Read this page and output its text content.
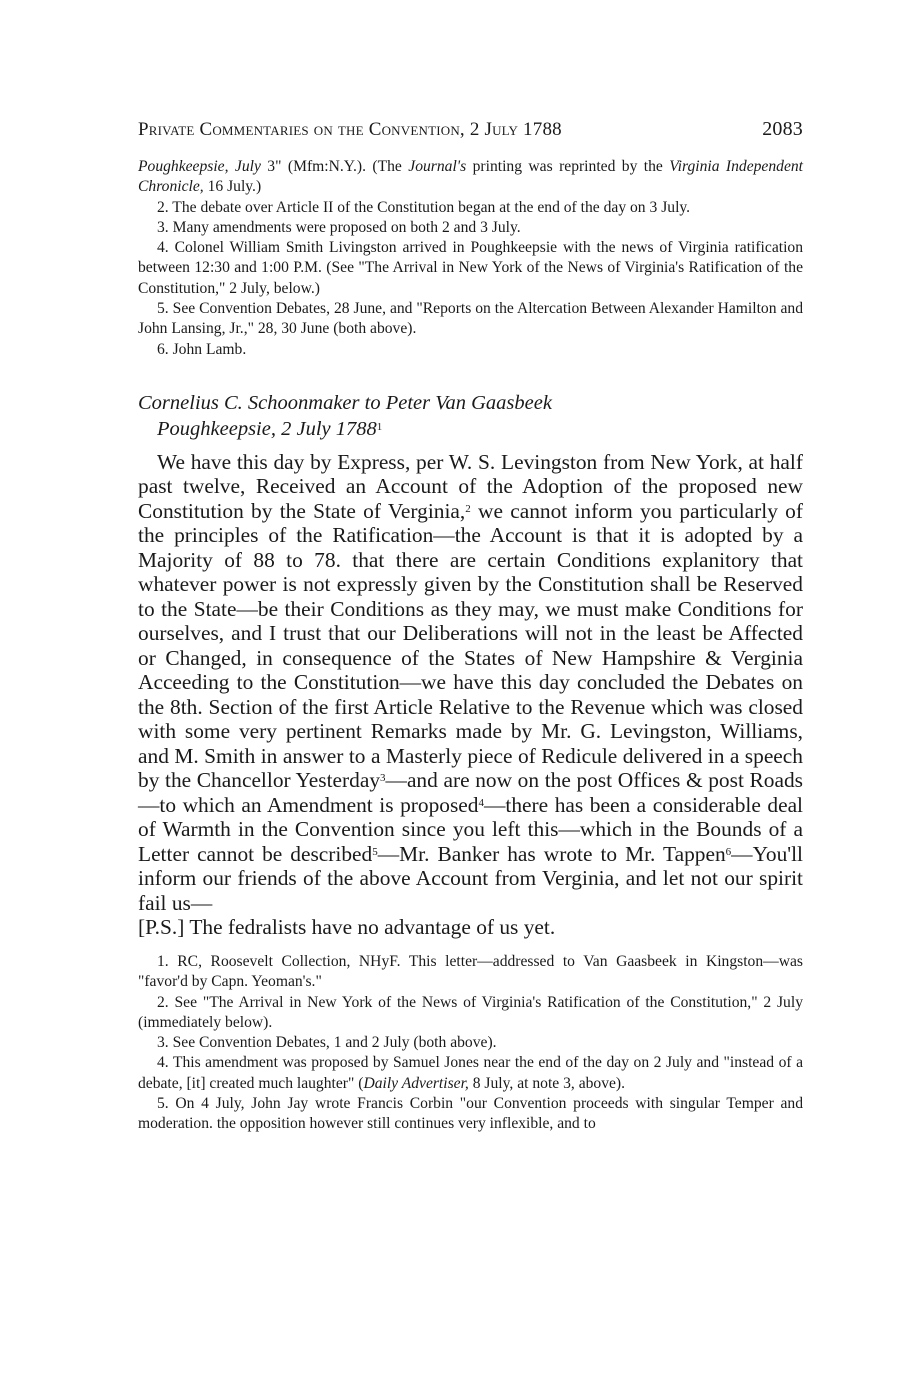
Private Commentaries on the Convention, 2 July 1788	2083

Poughkeepsie, July 3" (Mfm:N.Y.). (The Journal's printing was reprinted by the Virginia Independent Chronicle, 16 July.)

2. The debate over Article II of the Constitution began at the end of the day on 3 July.

3. Many amendments were proposed on both 2 and 3 July.

4. Colonel William Smith Livingston arrived in Poughkeepsie with the news of Virginia ratification between 12:30 and 1:00 P.M. (See "The Arrival in New York of the News of Virginia's Ratification of the Constitution," 2 July, below.)

5. See Convention Debates, 28 June, and "Reports on the Altercation Between Alexander Hamilton and John Lansing, Jr.," 28, 30 June (both above).

6. John Lamb.

Cornelius C. Schoonmaker to Peter Van Gaasbeek
Poughkeepsie, 2 July 1788$^1$

We have this day by Express, per W. S. Levingston from New York, at half past twelve, Received an Account of the Adoption of the proposed new Constitution by the State of Verginia,$^2$ we cannot inform you particularly of the principles of the Ratification—the Account is that it is adopted by a Majority of 88 to 78. that there are certain Conditions explanitory that whatever power is not expressly given by the Constitution shall be Reserved to the State—be their Conditions as they may, we must make Conditions for ourselves, and I trust that our Deliberations will not in the least be Affected or Changed, in consequence of the States of New Hampshire & Verginia Acceeding to the Constitution—we have this day concluded the Debates on the 8th. Section of the first Article Relative to the Revenue which was closed with some very pertinent Remarks made by Mr. G. Levingston, Williams, and M. Smith in answer to a Masterly piece of Redicule delivered in a speech by the Chancellor Yesterday$^3$—and are now on the post Offices & post Roads—to which an Amendment is proposed$^4$—there has been a considerable deal of Warmth in the Convention since you left this—which in the Bounds of a Letter cannot be described$^5$—Mr. Banker has wrote to Mr. Tappen$^6$—You'll inform our friends of the above Account from Verginia, and let not our spirit fail us—

[P.S.] The fedralists have no advantage of us yet.

1. RC, Roosevelt Collection, NHyF. This letter—addressed to Van Gaasbeek in Kingston—was "favor'd by Capn. Yeoman's."

2. See "The Arrival in New York of the News of Virginia's Ratification of the Constitution," 2 July (immediately below).

3. See Convention Debates, 1 and 2 July (both above).

4. This amendment was proposed by Samuel Jones near the end of the day on 2 July and "instead of a debate, [it] created much laughter" (Daily Advertiser, 8 July, at note 3, above).

5. On 4 July, John Jay wrote Francis Corbin "our Convention proceeds with singular Temper and moderation. the opposition however still continues very inflexible, and to
